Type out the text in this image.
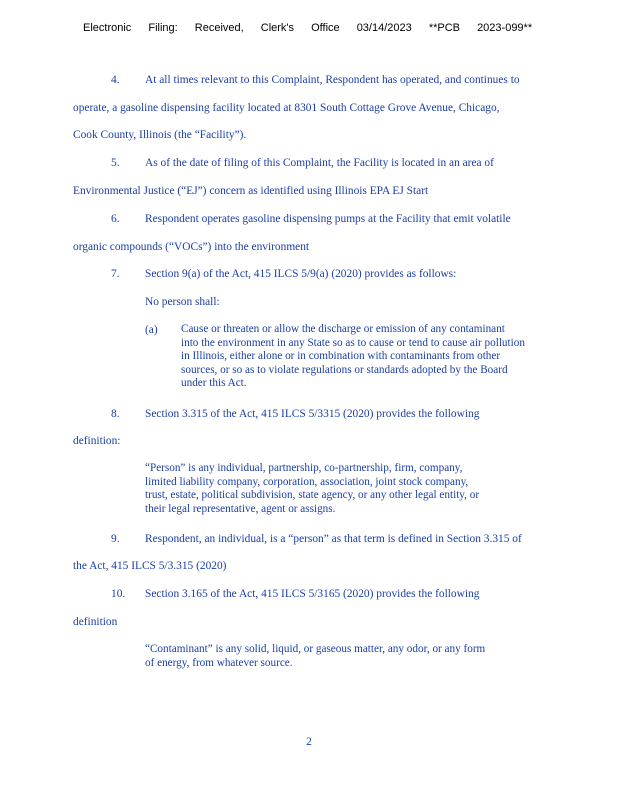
Electronic Filing: Received, Clerk's Office 03/14/2023 **PCB 2023-099**
4. At all times relevant to this Complaint, Respondent has operated, and continues to
operate, a gasoline dispensing facility located at 8301 South Cottage Grove Avenue, Chicago,
Cook County, Illinois (the “Facility”).
5. As of the date of filing of this Complaint, the Facility is located in an area of
Environmental Justice (“EJ”) concern as identified using Illinois EPA EJ Start
6. Respondent operates gasoline dispensing pumps at the Facility that emit volatile
organic compounds (“VOCs”) into the environment
7. Section 9(a) of the Act, 415 ILCS 5/9(a) (2020) provides as follows:
No person shall:
(a) Cause or threaten or allow the discharge or emission of any contaminant
into the environment in any State so as to cause or tend to cause air pollution
in Illinois, either alone or in combination with contaminants from other
sources, or so as to violate regulations or standards adopted by the Board
under this Act.
8. Section 3.315 of the Act, 415 ILCS 5/3315 (2020) provides the following
definition:
“Person” is any individual, partnership, co-partnership, firm, company,
limited liability company, corporation, association, joint stock company,
trust, estate, political subdivision, state agency, or any other legal entity, or
their legal representative, agent or assigns.
9. Respondent, an individual, is a “person” as that term is defined in Section 3.315 of
the Act, 415 ILCS 5/3.315 (2020)
10. Section 3.165 of the Act, 415 ILCS 5/3165 (2020) provides the following
definition
“Contaminant” is any solid, liquid, or gaseous matter, any odor, or any form
of energy, from whatever source.
2
